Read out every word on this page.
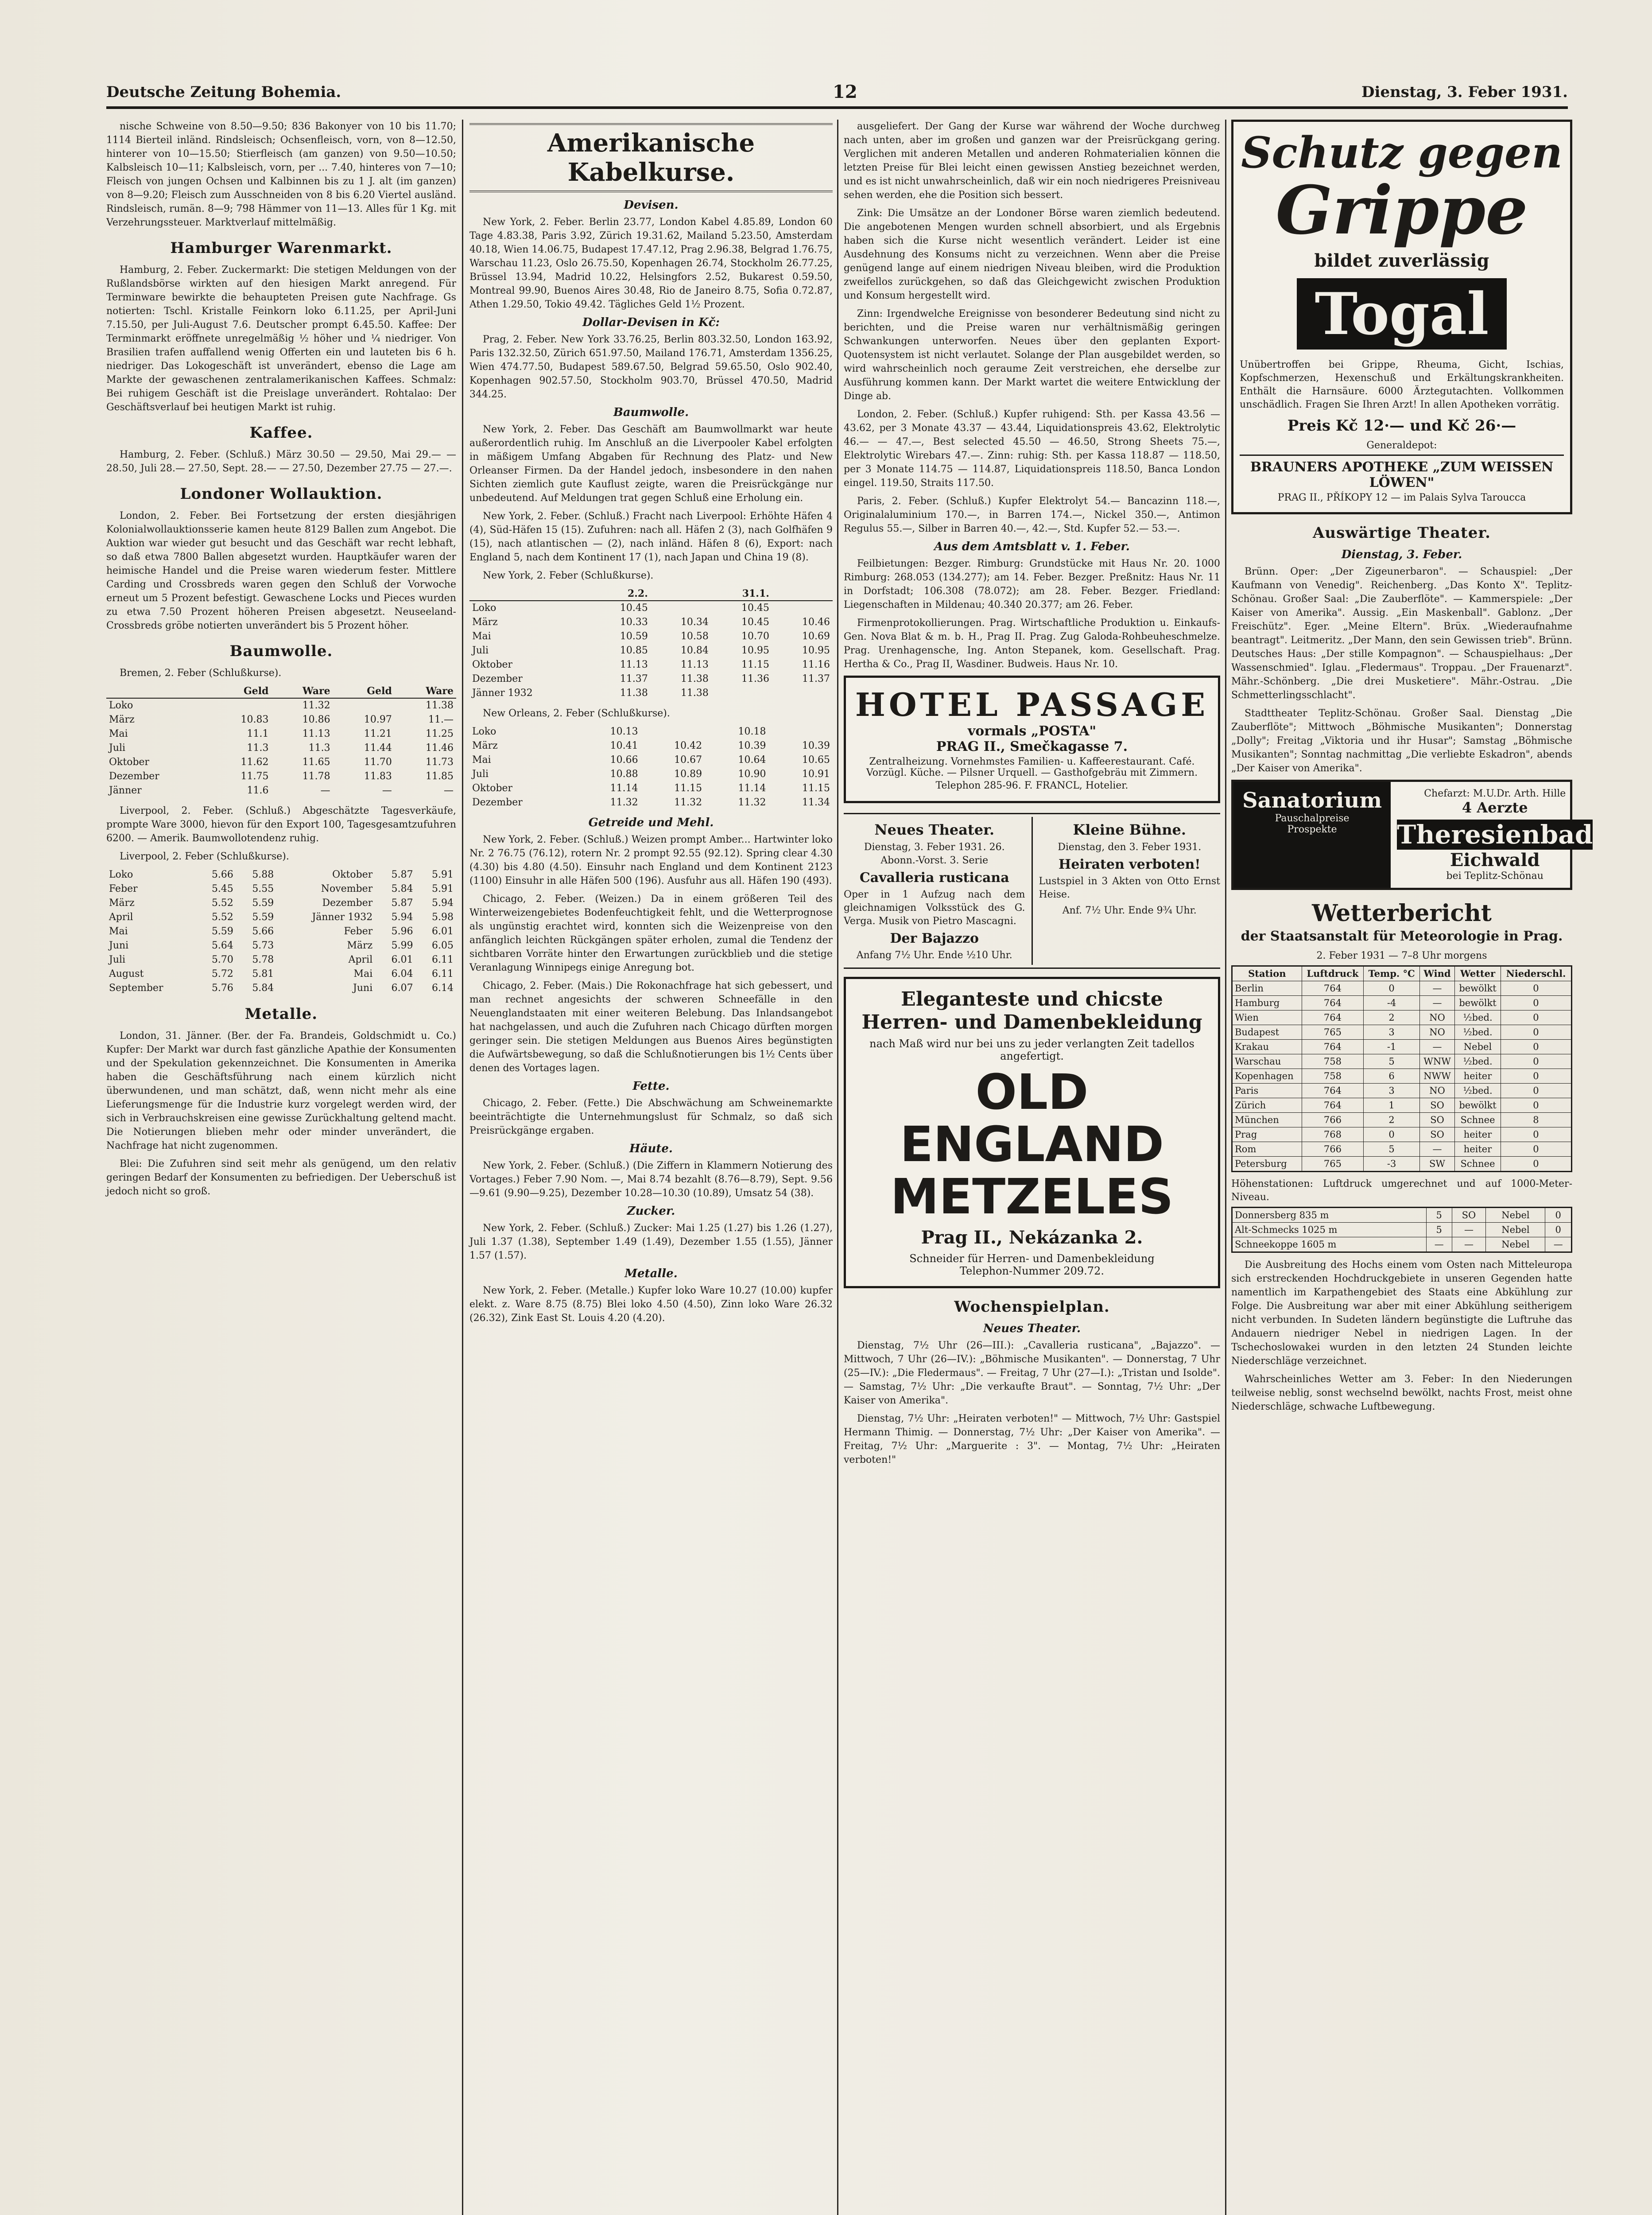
Deutsche Zeitung Bohemia.	12	Dienstag, 3. Feber 1931.

nische Schweine von 8.50—9.50; 836 Bakonyer von 10 bis 11.70; 1114 Bierteil inländ. Rindsleisch; Ochsenfleisch, vorn, von 8—12.50, hinterer von 10—15.50; Stierfleisch (am ganzen) von 9.50—10.50; Kalbsleisch 10—11; Kalbsleisch, vorn, per ... 7.40, hinteres von 7—10; Fleisch von jungen Ochsen und Kalbinnen bis zu 1 J. alt (im ganzen) von 8—9.20; Fleisch zum Ausschneiden von 8 bis 6.20 Viertel ausländ. Rindsleisch, rumän. 8—9; 798 Hämmer von 11—13. Alles für 1 Kg. mit Verzehrungssteuer. Marktverlauf mittelmäßig.

Hamburger Warenmarkt.

Hamburg, 2. Feber. Zuckermarkt: Die stetigen Meldungen von der Rußlandsbörse wirkten auf den hiesigen Markt anregend. Für Terminware bewirkte die behaupteten Preisen gute Nachfrage. Gs notierten: Tschl. Kristalle Feinkorn loko 6.11.25, per April-Juni 7.15.50, per Juli-August 7.6. Deutscher prompt 6.45.50. Kaffee: Der Terminmarkt eröffnete unregelmäßig ½ höher und ¼ niedriger. Von Brasilien trafen auffallend wenig Offerten ein und lauteten bis 6 h. niedriger. Das Lokogeschäft ist unverändert, ebenso die Lage am Markte der gewaschenen zentralamerikanischen Kaffees. Schmalz: Bei ruhigem Geschäft ist die Preislage unverändert. Rohtalao: Der Geschäftsverlauf bei heutigen Markt ist ruhig.

Kaffee.

Hamburg, 2. Feber. (Schluß.) März 30.50 — 29.50, Mai 29.— — 28.50, Juli 28.— 27.50, Sept. 28.— — 27.50, Dezember 27.75 — 27.—.

Londoner Wollauktion.

London, 2. Feber. Bei Fortsetzung der ersten diesjährigen Kolonialwollauktionsserie kamen heute 8129 Ballen zum Angebot. Die Auktion war wieder gut besucht und das Geschäft war recht lebhaft, so daß etwa 7800 Ballen abgesetzt wurden. Hauptkäufer waren der heimische Handel und die Preise waren wiederum fester. Mittlere Carding und Crossbreds waren gegen den Schluß der Vorwoche erneut um 5 Prozent befestigt. Gewaschene Locks und Pieces wurden zu etwa 7.50 Prozent höheren Preisen abgesetzt. Neuseeland-Crossbreds gröbe notierten unverändert bis 5 Prozent höher.

Baumwolle.

Bremen, 2. Feber (Schlußkurse).

	Geld	Ware	Geld	Ware
Loko		11.32		11.38
März	10.83	10.86	10.97	11.—
Mai	11.1	11.13	11.21	11.25
Juli	11.3	11.3	11.44	11.46
Oktober	11.62	11.65	11.70	11.73
Dezember	11.75	11.78	11.83	11.85
Jänner	11.6	—	—	—

Liverpool, 2. Feber. (Schluß.) Abgeschätzte Tagesverkäufe, prompte Ware 3000, hievon für den Export 100, Tagesgesamtzufuhren 6200. — Amerik. Baumwollotendenz ruhig.

Liverpool, 2. Feber (Schlußkurse).

Loko	5.66	5.88	Oktober	5.87	5.91
Feber	5.45	5.55	November	5.84	5.91
März	5.52	5.59	Dezember	5.87	5.94
April	5.52	5.59	Jänner 1932	5.94	5.98
Mai	5.59	5.66	Feber	5.96	6.01
Juni	5.64	5.73	März	5.99	6.05
Juli	5.70	5.78	April	6.01	6.11
August	5.72	5.81	Mai	6.04	6.11
September	5.76	5.84	Juni	6.07	6.14
Metalle.

London, 31. Jänner. (Ber. der Fa. Brandeis, Goldschmidt u. Co.) Kupfer: Der Markt war durch fast gänzliche Apathie der Konsumenten und der Spekulation gekennzeichnet. Die Konsumenten in Amerika haben die Geschäftsführung nach einem kürzlich nicht überwundenen, und man schätzt, daß, wenn nicht mehr als eine Lieferungsmenge für die Industrie kurz vorgelegt werden wird, der sich in Verbrauchskreisen eine gewisse Zurückhaltung geltend macht. Die Notierungen blieben mehr oder minder unverändert, die Nachfrage hat nicht zugenommen.

Blei: Die Zufuhren sind seit mehr als genügend, um den relativ geringen Bedarf der Konsumenten zu befriedigen. Der Ueberschuß ist jedoch nicht so groß.

Amerikanische Kabelkurse.
Devisen.

New York, 2. Feber. Berlin 23.77, London Kabel 4.85.89, London 60 Tage 4.83.38, Paris 3.92, Zürich 19.31.62, Mailand 5.23.50, Amsterdam 40.18, Wien 14.06.75, Budapest 17.47.12, Prag 2.96.38, Belgrad 1.76.75, Warschau 11.23, Oslo 26.75.50, Kopenhagen 26.74, Stockholm 26.77.25, Brüssel 13.94, Madrid 10.22, Helsingfors 2.52, Bukarest 0.59.50, Montreal 99.90, Buenos Aires 30.48, Rio de Janeiro 8.75, Sofia 0.72.87, Athen 1.29.50, Tokio 49.42. Tägliches Geld 1½ Prozent.

Dollar-Devisen in Kč:

Prag, 2. Feber. New York 33.76.25, Berlin 803.32.50, London 163.92, Paris 132.32.50, Zürich 651.97.50, Mailand 176.71, Amsterdam 1356.25, Wien 474.77.50, Budapest 589.67.50, Belgrad 59.65.50, Oslo 902.40, Kopenhagen 902.57.50, Stockholm 903.70, Brüssel 470.50, Madrid 344.25.

Baumwolle.

New York, 2. Feber. Das Geschäft am Baumwollmarkt war heute außerordentlich ruhig. Im Anschluß an die Liverpooler Kabel erfolgten in mäßigem Umfang Abgaben für Rechnung des Platz- und New Orleanser Firmen. Da der Handel jedoch, insbesondere in den nahen Sichten ziemlich gute Kauflust zeigte, waren die Preisrückgänge nur unbedeutend. Auf Meldungen trat gegen Schluß eine Erholung ein.

New York, 2. Feber. (Schluß.) Fracht nach Liverpool: Erhöhte Häfen 4 (4), Süd-Häfen 15 (15). Zufuhren: nach all. Häfen 2 (3), nach Golfhäfen 9 (15), nach atlantischen — (2), nach inländ. Häfen 8 (6), Export: nach England 5, nach dem Kontinent 17 (1), nach Japan und China 19 (8).

New York, 2. Feber (Schlußkurse).

	2.2.		31.1.	
Loko	10.45		10.45	
März	10.33	10.34	10.45	10.46
Mai	10.59	10.58	10.70	10.69
Juli	10.85	10.84	10.95	10.95
Oktober	11.13	11.13	11.15	11.16
Dezember	11.37	11.38	11.36	11.37
Jänner 1932	11.38	11.38		

New Orleans, 2. Feber (Schlußkurse).

Loko	10.13		10.18	
März	10.41	10.42	10.39	10.39
Mai	10.66	10.67	10.64	10.65
Juli	10.88	10.89	10.90	10.91
Oktober	11.14	11.15	11.14	11.15
Dezember	11.32	11.32	11.32	11.34
Getreide und Mehl.

New York, 2. Feber. (Schluß.) Weizen prompt Amber... Hartwinter loko Nr. 2 76.75 (76.12), rotern Nr. 2 prompt 92.55 (92.12). Spring clear 4.30 (4.30) bis 4.80 (4.50). Einsuhr nach England und dem Kontinent 2123 (1100) Einsuhr in alle Häfen 500 (196). Ausfuhr aus all. Häfen 190 (493).

Chicago, 2. Feber. (Weizen.) Da in einem größeren Teil des Winterweizengebietes Bodenfeuchtigkeit fehlt, und die Wetterprognose als ungünstig erachtet wird, konnten sich die Weizenpreise von den anfänglich leichten Rückgängen später erholen, zumal die Tendenz der sichtbaren Vorräte hinter den Erwartungen zurückblieb und die stetige Veranlagung Winnipegs einige Anregung bot.

Chicago, 2. Feber. (Mais.) Die Rokonachfrage hat sich gebessert, und man rechnet angesichts der schweren Schneefälle in den Neuenglandstaaten mit einer weiteren Belebung. Das Inlandsangebot hat nachgelassen, und auch die Zufuhren nach Chicago dürften morgen geringer sein. Die stetigen Meldungen aus Buenos Aires begünstigten die Aufwärtsbewegung, so daß die Schlußnotierungen bis 1½ Cents über denen des Vortages lagen.

Fette.

Chicago, 2. Feber. (Fette.) Die Abschwächung am Schweinemarkte beeinträchtigte die Unternehmungslust für Schmalz, so daß sich Preisrückgänge ergaben.

Häute.

New York, 2. Feber. (Schluß.) (Die Ziffern in Klammern Notierung des Vortages.) Feber 7.90 Nom. —, Mai 8.74 bezahlt (8.76—8.79), Sept. 9.56—9.61 (9.90—9.25), Dezember 10.28—10.30 (10.89), Umsatz 54 (38).

Zucker.

New York, 2. Feber. (Schluß.) Zucker: Mai 1.25 (1.27) bis 1.26 (1.27), Juli 1.37 (1.38), September 1.49 (1.49), Dezember 1.55 (1.55), Jänner 1.57 (1.57).

Metalle.

New York, 2. Feber. (Metalle.) Kupfer loko Ware 10.27 (10.00) kupfer elekt. z. Ware 8.75 (8.75) Blei loko 4.50 (4.50), Zinn loko Ware 26.32 (26.32), Zink East St. Louis 4.20 (4.20).

ausgeliefert. Der Gang der Kurse war während der Woche durchweg nach unten, aber im großen und ganzen war der Preisrückgang gering. Verglichen mit anderen Metallen und anderen Rohmaterialien können die letzten Preise für Blei leicht einen gewissen Anstieg bezeichnet werden, und es ist nicht unwahrscheinlich, daß wir ein noch niedrigeres Preisniveau sehen werden, ehe die Position sich bessert.

Zink: Die Umsätze an der Londoner Börse waren ziemlich bedeutend. Die angebotenen Mengen wurden schnell absorbiert, und als Ergebnis haben sich die Kurse nicht wesentlich verändert. Leider ist eine Ausdehnung des Konsums nicht zu verzeichnen. Wenn aber die Preise genügend lange auf einem niedrigen Niveau bleiben, wird die Produktion zweifellos zurückgehen, so daß das Gleichgewicht zwischen Produktion und Konsum hergestellt wird.

Zinn: Irgendwelche Ereignisse von besonderer Bedeutung sind nicht zu berichten, und die Preise waren nur verhältnismäßig geringen Schwankungen unterworfen. Neues über den geplanten Export-Quotensystem ist nicht verlautet. Solange der Plan ausgebildet werden, so wird wahrscheinlich noch geraume Zeit verstreichen, ehe derselbe zur Ausführung kommen kann. Der Markt wartet die weitere Entwicklung der Dinge ab.

London, 2. Feber. (Schluß.) Kupfer ruhigend: Sth. per Kassa 43.56 — 43.62, per 3 Monate 43.37 — 43.44, Liquidationspreis 43.62, Elektrolytic 46.— — 47.—, Best selected 45.50 — 46.50, Strong Sheets 75.—, Elektrolytic Wirebars 47.—. Zinn: ruhig: Sth. per Kassa 118.87 — 118.50, per 3 Monate 114.75 — 114.87, Liquidationspreis 118.50, Banca London eingel. 119.50, Straits 117.50.

Paris, 2. Feber. (Schluß.) Kupfer Elektrolyt 54.— Bancazinn 118.—, Originalaluminium 170.—, in Barren 174.—, Nickel 350.—, Antimon Regulus 55.—, Silber in Barren 40.—, 42.—, Std. Kupfer 52.— 53.—.

Aus dem Amtsblatt v. 1. Feber.

Feilbietungen: Bezger. Rimburg: Grundstücke mit Haus Nr. 20. 1000 Rimburg: 268.053 (134.277); am 14. Feber. Bezger. Preßnitz: Haus Nr. 11 in Dorfstadt; 106.308 (78.072); am 28. Feber. Bezger. Friedland: Liegenschaften in Mildenau; 40.340 20.377; am 26. Feber.

Firmenprotokollierungen. Prag. Wirtschaftliche Produktion u. Einkaufs-Gen. Nova Blat & m. b. H., Prag II. Prag. Zug Galoda-Rohbeuheschmelze. Prag. Urenhagensche, Ing. Anton Stepanek, kom. Gesellschaft. Prag. Hertha & Co., Prag II, Wasdiner. Budweis. Haus Nr. 10.

HOTEL PASSAGE
vormals „POSTA"
PRAG II., Smečkagasse 7.
Zentralheizung. Vornehmstes Familien- u. Kaffeerestaurant. Café. Vorzügl. Küche. — Pilsner Urquell. — Gasthofgebräu mit Zimmern.
Telephon 285-96. F. FRANCL, Hotelier.
Neues Theater.
Dienstag, 3. Feber 1931. 26. Abonn.-Vorst. 3. Serie
Cavalleria rusticana
Oper in 1 Aufzug nach dem gleichnamigen Volksstück des G. Verga. Musik von Pietro Mascagni.
Der Bajazzo
Anfang 7½ Uhr. Ende ½10 Uhr.
Kleine Bühne.
Dienstag, den 3. Feber 1931.
Heiraten verboten!
Lustspiel in 3 Akten von Otto Ernst Heise.
Anf. 7½ Uhr. Ende 9¾ Uhr.
Eleganteste und chicste Herren- und Damenbekleidung
nach Maß wird nur bei uns zu jeder verlangten Zeit tadellos angefertigt.
OLD ENGLAND
METZELES
Prag II., Nekázanka 2.
Schneider für Herren- und Damenbekleidung
Telephon-Nummer 209.72.
Wochenspielplan.
Neues Theater.

Dienstag, 7½ Uhr (26—III.): „Cavalleria rusticana", „Bajazzo". — Mittwoch, 7 Uhr (26—IV.): „Böhmische Musikanten". — Donnerstag, 7 Uhr (25—IV.): „Die Fledermaus". — Freitag, 7 Uhr (27—I.): „Tristan und Isolde". — Samstag, 7½ Uhr: „Die verkaufte Braut". — Sonntag, 7½ Uhr: „Der Kaiser von Amerika".

Dienstag, 7½ Uhr: „Heiraten verboten!" — Mittwoch, 7½ Uhr: Gastspiel Hermann Thimig. — Donnerstag, 7½ Uhr: „Der Kaiser von Amerika". — Freitag, 7½ Uhr: „Marguerite : 3". — Montag, 7½ Uhr: „Heiraten verboten!"

Schutz gegen
Grippe
bildet zuverlässig
Togal
Unübertroffen bei Grippe, Rheuma, Gicht, Ischias, Kopfschmerzen, Hexenschuß und Erkältungskrankheiten. Enthält die Harnsäure. 6000 Ärztegutachten. Vollkommen unschädlich. Fragen Sie Ihren Arzt! In allen Apotheken vorrätig.
Preis Kč 12·— und Kč 26·—
Generaldepot:
BRAUNERS APOTHEKE „ZUM WEISSEN LÖWEN"
PRAG II., PŘÍKOPY 12 — im Palais Sylva Taroucca
Auswärtige Theater.
Dienstag, 3. Feber.

Brünn. Oper: „Der Zigeunerbaron". — Schauspiel: „Der Kaufmann von Venedig". Reichenberg. „Das Konto X". Teplitz-Schönau. Großer Saal: „Die Zauberflöte". — Kammerspiele: „Der Kaiser von Amerika". Aussig. „Ein Maskenball". Gablonz. „Der Freischütz". Eger. „Meine Eltern". Brüx. „Wiederaufnahme beantragt". Leitmeritz. „Der Mann, den sein Gewissen trieb". Brünn. Deutsches Haus: „Der stille Kompagnon". — Schauspielhaus: „Der Wassenschmied". Iglau. „Fledermaus". Troppau. „Der Frauenarzt". Mähr.-Schönberg. „Die drei Musketiere". Mähr.-Ostrau. „Die Schmetterlingsschlacht".

Stadttheater Teplitz-Schönau. Großer Saal. Dienstag „Die Zauberflöte"; Mittwoch „Böhmische Musikanten"; Donnerstag „Dolly"; Freitag „Viktoria und ihr Husar"; Samstag „Böhmische Musikanten"; Sonntag nachmittag „Die verliebte Eskadron", abends „Der Kaiser von Amerika".

Sanatorium
Pauschalpreise
Prospekte
Chefarzt: M.U.Dr. Arth. Hille
4 Aerzte
Theresienbad
Eichwald
bei Teplitz-Schönau
Wetterbericht
der Staatsanstalt für Meteorologie in Prag.
2. Feber 1931 — 7–8 Uhr morgens
Station	Luftdruck	Temp. °C	Wind	Wetter	Niederschl.
Berlin	764	0	—	bewölkt	0
Hamburg	764	-4	—	bewölkt	0
Wien	764	2	NO	½bed.	0
Budapest	765	3	NO	½bed.	0
Krakau	764	-1	—	Nebel	0
Warschau	758	5	WNW	½bed.	0
Kopenhagen	758	6	NWW	heiter	0
Paris	764	3	NO	½bed.	0
Zürich	764	1	SO	bewölkt	0
München	766	2	SO	Schnee	8
Prag	768	0	SO	heiter	0
Rom	766	5	—	heiter	0
Petersburg	765	-3	SW	Schnee	0
Höhenstationen: Luftdruck umgerechnet und auf 1000-Meter-Niveau.
Donnersberg 835 m	5	SO	Nebel	0
Alt-Schmecks 1025 m	5	—	Nebel	0
Schneekoppe 1605 m	—	—	Nebel	—

Die Ausbreitung des Hochs einem vom Osten nach Mitteleuropa sich erstreckenden Hochdruckgebiete in unseren Gegenden hatte namentlich im Karpathengebiet des Staats eine Abkühlung zur Folge. Die Ausbreitung war aber mit einer Abkühlung seitherigem nicht verbunden. In Sudeten ländern begünstigte die Luftruhe das Andauern niedriger Nebel in niedrigen Lagen. In der Tschechoslowakei wurden in den letzten 24 Stunden leichte Niederschläge verzeichnet.

Wahrscheinliches Wetter am 3. Feber: In den Niederungen teilweise neblig, sonst wechselnd bewölkt, nachts Frost, meist ohne Niederschläge, schwache Luftbewegung.
